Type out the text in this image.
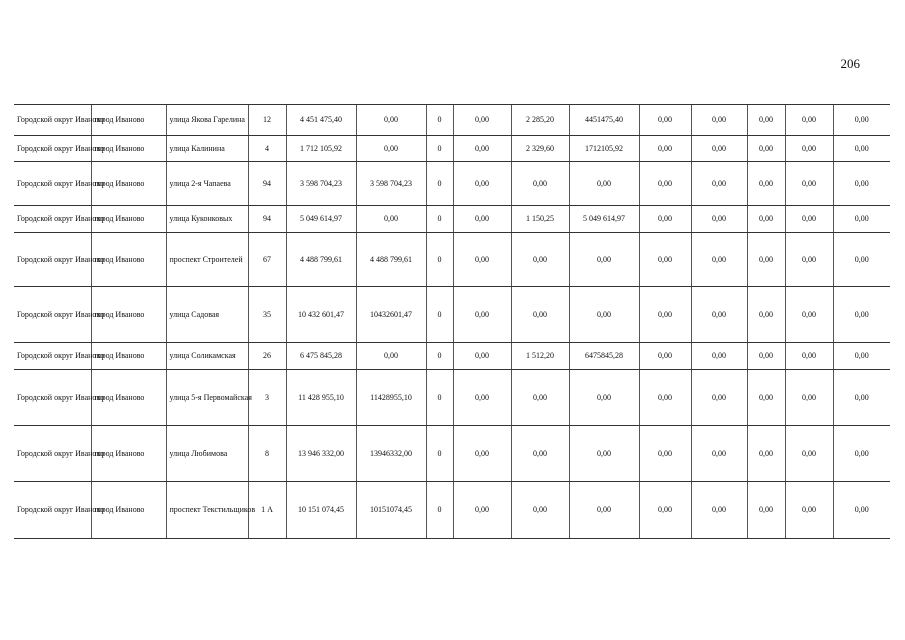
206
Городской округ Иваново	город Иваново	улица Якова Гарелина	12	4 451 475,40	0,00	0	0,00	2 285,20	4451475,40	0,00	0,00	0,00	0,00	0,00
Городской округ Иваново	город Иваново	улица Калинина	4	1 712 105,92	0,00	0	0,00	2 329,60	1712105,92	0,00	0,00	0,00	0,00	0,00
Городской округ Иваново	город Иваново	улица 2-я Чапаева	94	3 598 704,23	3 598 704,23	0	0,00	0,00	0,00	0,00	0,00	0,00	0,00	0,00
Городской округ Иваново	город Иваново	улица Куконковых	94	5 049 614,97	0,00	0	0,00	1 150,25	5 049 614,97	0,00	0,00	0,00	0,00	0,00
Городской округ Иваново	город Иваново	проспект Строителей	67	4 488 799,61	4 488 799,61	0	0,00	0,00	0,00	0,00	0,00	0,00	0,00	0,00
Городской округ Иваново	город Иваново	улица Садовая	35	10 432 601,47	10432601,47	0	0,00	0,00	0,00	0,00	0,00	0,00	0,00	0,00
Городской округ Иваново	город Иваново	улица Соликамская	26	6 475 845,28	0,00	0	0,00	1 512,20	6475845,28	0,00	0,00	0,00	0,00	0,00
Городской округ Иваново	город Иваново	улица 5-я Первомайская	3	11 428 955,10	11428955,10	0	0,00	0,00	0,00	0,00	0,00	0,00	0,00	0,00
Городской округ Иваново	город Иваново	улица Любимова	8	13 946 332,00	13946332,00	0	0,00	0,00	0,00	0,00	0,00	0,00	0,00	0,00
Городской округ Иваново	город Иваново	проспект Текстильщиков	1 А	10 151 074,45	10151074,45	0	0,00	0,00	0,00	0,00	0,00	0,00	0,00	0,00
